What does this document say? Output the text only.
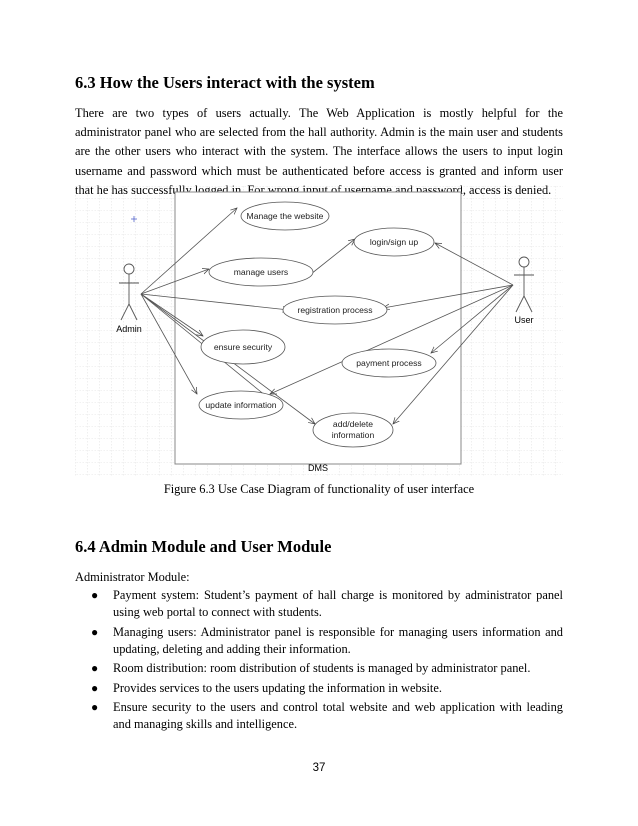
6.3 How the Users interact with the system

There are two types of users actually. The Web Application is mostly helpful for the
administrator panel who are selected from the hall authority. Admin is the main user and students
are the other users who interact with the system. The interface allows the users to input login
username and password which must be authenticated before access is granted and inform user

DMS
Admin
User
Manage the website
login/sign up
manage users
registration process
ensure security
payment process
update information
add/delete
information
Figure 6.3 Use Case Diagram of functionality of user interface
6.4 Admin Module and User Module
Administrator Module:
● Payment system: Student’s payment of hall charge is monitored by administrator panel using web portal to connect with students.
● Managing users: Administrator panel is responsible for managing users information and updating, deleting and adding their information.
● Room distribution: room distribution of students is managed by administrator panel.
● Provides services to the users updating the information in website.
● Ensure security to the users and control total website and web application with leading and managing skills and intelligence.
37
